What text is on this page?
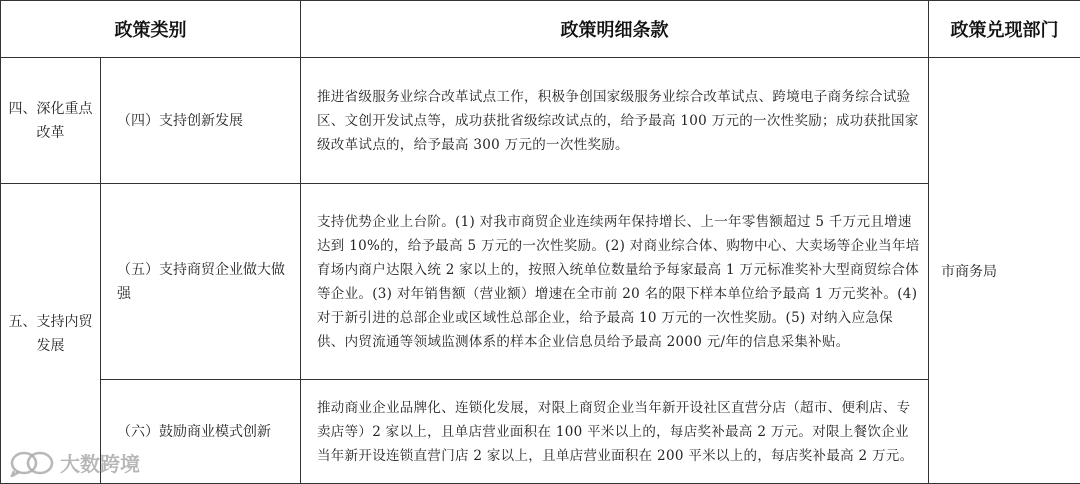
政策类别		政策明细条款	政策兑现部门
四、深化重点改革	（四）支持创新发展	推进省级服务业综合改革试点工作，积极争创国家级服务业综合改革试点、跨境电子商务综合试验区、文创开发试点等，成功获批省级综改试点的，给予最高 100 万元的一次性奖励；成功获批国家级改革试点的，给予最高 300 万元的一次性奖励。	市商务局
五、支持内贸发展	（五）支持商贸企业做大做强	支持优势企业上台阶。(1) 对我市商贸企业连续两年保持增长、上一年零售额超过 5 千万元且增速达到 10%的，给予最高 5 万元的一次性奖励。(2) 对商业综合体、购物中心、大卖场等企业当年培育场内商户达限入统 2 家以上的，按照入统单位数量给予每家最高 1 万元标准奖补大型商贸综合体等企业。(3) 对年销售额（营业额）增速在全市前 20 名的限下样本单位给予最高 1 万元奖补。(4) 对于新引进的总部企业或区域性总部企业，给予最高 10 万元的一次性奖励。(5) 对纳入应急保供、内贸流通等领域监测体系的样本企业信息员给予最高 2000 元/年的信息采集补贴。	
	（六）鼓励商业模式创新	推动商业企业品牌化、连锁化发展，对限上商贸企业当年新开设社区直营分店（超市、便利店、专卖店等）2 家以上，且单店营业面积在 100 平米以上的，每店奖补最高 2 万元。对限上餐饮企业当年新开设连锁直营门店 2 家以上，且单店营业面积在 200 平米以上的，每店奖补最高 2 万元。	
大数跨境
